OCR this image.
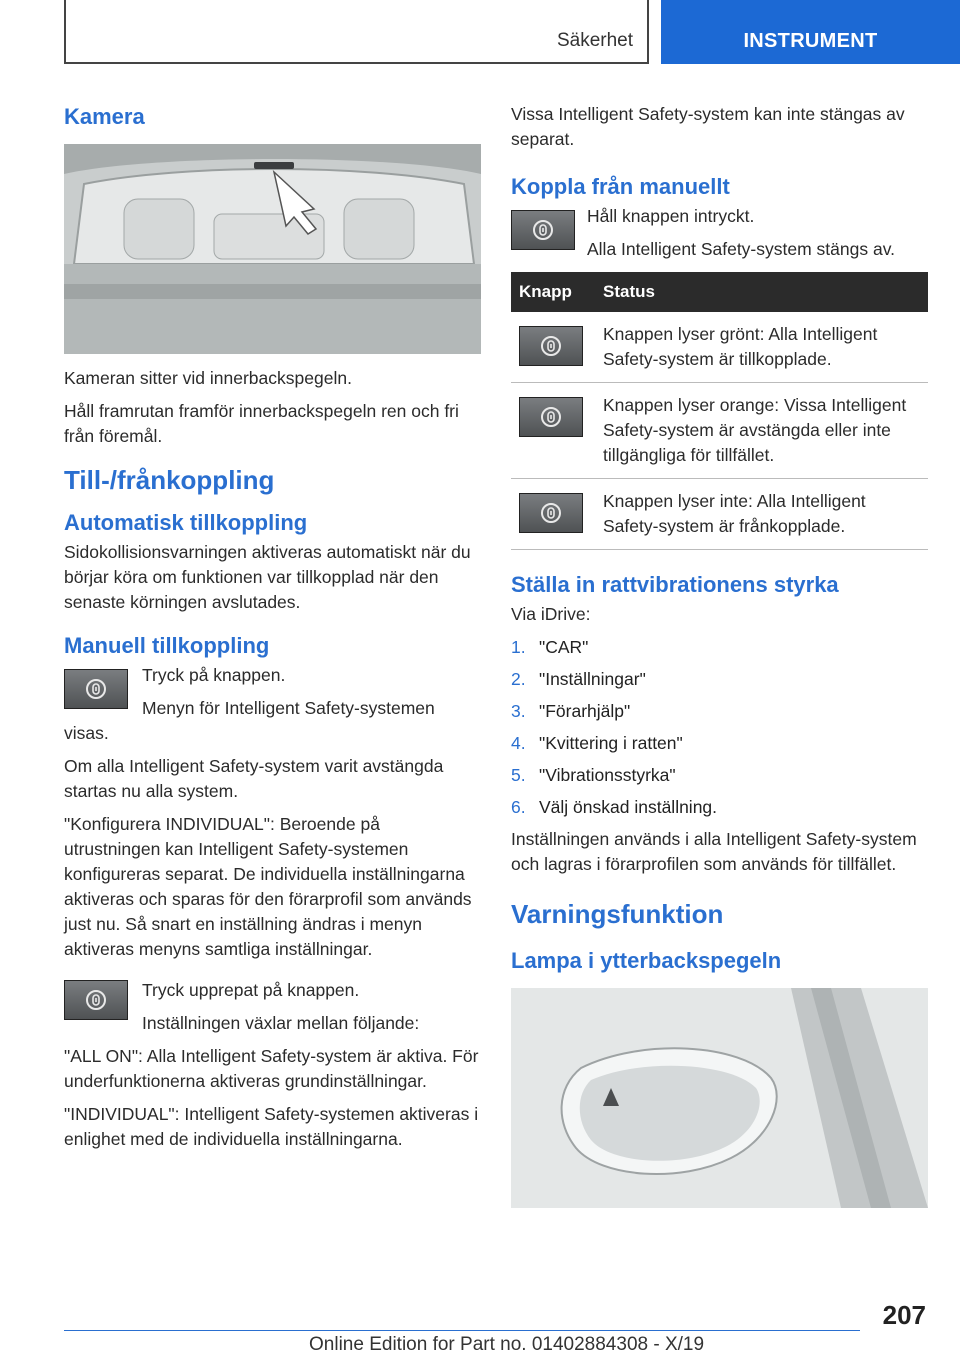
Säkerhet	INSTRUMENT
Kamera

Kameran sitter vid innerbackspegeln.

Håll framrutan framför innerbackspegeln ren och fri från föremål.

Till-/frånkoppling
Automatisk tillkoppling

Sidokollisionsvarningen aktiveras automatiskt när du börjar köra om funktionen var tillkopplad när den senaste körningen avslutades.

Manuell tillkoppling

Tryck på knappen.

Menyn för Intelligent Safety-systemen visas.

Om alla Intelligent Safety-system varit avstängda startas nu alla system.

"Konfigurera INDIVIDUAL": Beroende på utrustningen kan Intelligent Safety-systemen konfigureras separat. De individuella inställningarna aktiveras och sparas för den förarprofil som används just nu. Så snart en inställning ändras i menyn aktiveras menyns samtliga inställningar.

Tryck upprepat på knappen.

Inställningen växlar mellan följande:

"ALL ON": Alla Intelligent Safety-system är aktiva. För underfunktionerna aktiveras grundinställningar.

"INDIVIDUAL": Intelligent Safety-systemen aktiveras i enlighet med de individuella inställningarna.

Vissa Intelligent Safety-system kan inte stängas av separat.

Koppla från manuellt

Håll knappen intryckt.

Alla Intelligent Safety-system stängs av.

Knapp	Status

	Knappen lyser grönt: Alla Intelligent Safety-system är tillkopplade.

	Knappen lyser orange: Vissa Intelligent Safety-system är avstängda eller inte tillgängliga för tillfället.

	Knappen lyser inte: Alla Intelligent Safety-system är frånkopplade.
Ställa in rattvibrationens styrka

Via iDrive:

1. "CAR"
2. "Inställningar"
3. "Förarhjälp"
4. "Kvittering i ratten"
5. "Vibrationsstyrka"
6. Välj önskad inställning.

Inställningen används i alla Intelligent Safety-system och lagras i förarprofilen som används för tillfället.

Varningsfunktion
Lampa i ytterbackspegeln
207
Online Edition for Part no. 01402884308 - X/19
